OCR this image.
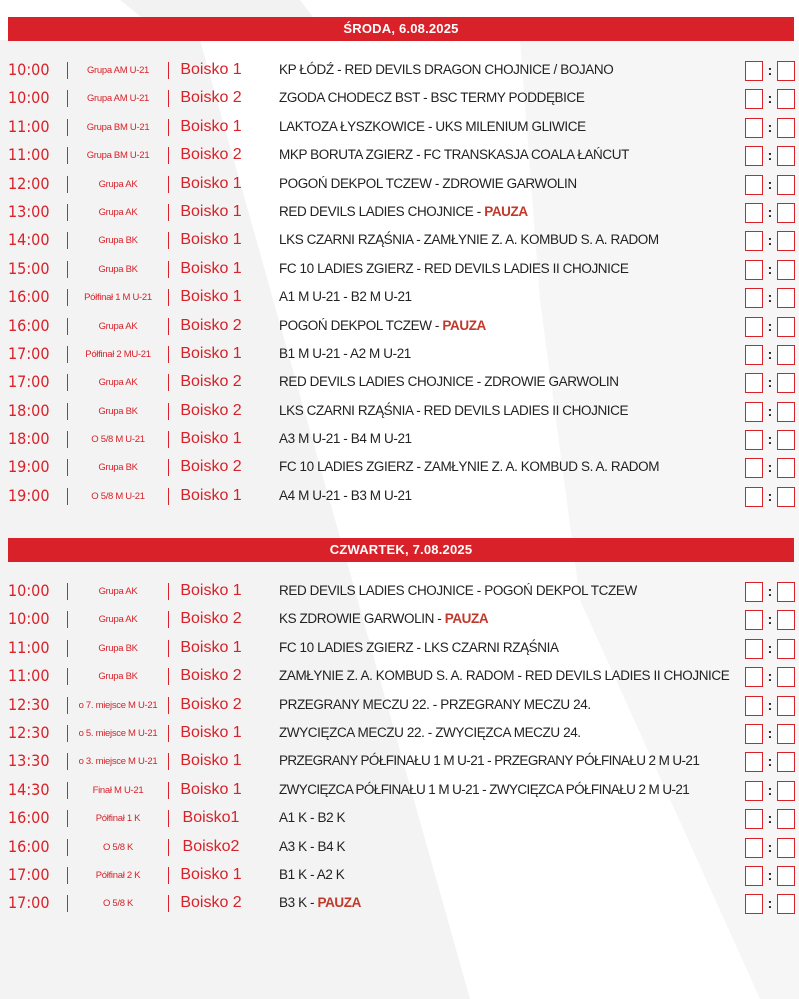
ŚRODA, 6.08.2025
10:00	Grupa AM U-21	Boisko 1	KP ŁÓDŹ - RED DEVILS DRAGON CHOJNICE / BOJANO	:
10:00	Grupa AM U-21	Boisko 2	ZGODA CHODECZ BST - BSC TERMY PODDĘBICE	:
11:00	Grupa BM U-21	Boisko 1	LAKTOZA ŁYSZKOWICE - UKS MILENIUM GLIWICE	:
11:00	Grupa BM U-21	Boisko 2	MKP BORUTA ZGIERZ - FC TRANSKASJA COALA ŁAŃCUT	:
12:00	Grupa AK	Boisko 1	POGOŃ DEKPOL TCZEW - ZDROWIE GARWOLIN	:
13:00	Grupa AK	Boisko 1	RED DEVILS LADIES CHOJNICE - PAUZA	:
14:00	Grupa BK	Boisko 1	LKS CZARNI RZĄŚNIA - ZAMŁYNIE Z. A. KOMBUD S. A. RADOM	:
15:00	Grupa BK	Boisko 1	FC 10 LADIES ZGIERZ - RED DEVILS LADIES II CHOJNICE	:
16:00	Półfinał 1 M U-21	Boisko 1	A1 M U-21 - B2 M U-21	:
16:00	Grupa AK	Boisko 2	POGOŃ DEKPOL TCZEW - PAUZA	:
17:00	Półfinał 2 MU-21	Boisko 1	B1 M U-21 - A2 M U-21	:
17:00	Grupa AK	Boisko 2	RED DEVILS LADIES CHOJNICE - ZDROWIE GARWOLIN	:
18:00	Grupa BK	Boisko 2	LKS CZARNI RZĄŚNIA - RED DEVILS LADIES II CHOJNICE	:
18:00	O 5/8 M U-21	Boisko 1	A3 M U-21 - B4 M U-21	:
19:00	Grupa BK	Boisko 2	FC 10 LADIES ZGIERZ - ZAMŁYNIE Z. A. KOMBUD S. A. RADOM	:
19:00	O 5/8 M U-21	Boisko 1	A4 M U-21 - B3 M U-21	:
CZWARTEK, 7.08.2025
10:00	Grupa AK	Boisko 1	RED DEVILS LADIES CHOJNICE - POGOŃ DEKPOL TCZEW	:
10:00	Grupa AK	Boisko 2	KS ZDROWIE GARWOLIN - PAUZA	:
11:00	Grupa BK	Boisko 1	FC 10 LADIES ZGIERZ - LKS CZARNI RZĄŚNIA	:
11:00	Grupa BK	Boisko 2	ZAMŁYNIE Z. A. KOMBUD S. A. RADOM - RED DEVILS LADIES II CHOJNICE	:
12:30	o 7. miejsce M U-21	Boisko 2	PRZEGRANY MECZU 22. - PRZEGRANY MECZU 24.	:
12:30	o 5. miejsce M U-21	Boisko 1	ZWYCIĘZCA MECZU 22. - ZWYCIĘZCA MECZU 24.	:
13:30	o 3. miejsce M U-21	Boisko 1	PRZEGRANY PÓŁFINAŁU 1 M U-21 - PRZEGRANY PÓŁFINAŁU 2 M U-21	:
14:30	Finał M U-21	Boisko 1	ZWYCIĘZCA PÓŁFINAŁU 1 M U-21 - ZWYCIĘZCA PÓŁFINAŁU 2 M U-21	:
16:00	Półfinał 1 K	Boisko1	A1 K - B2 K	:
16:00	O 5/8 K	Boisko2	A3 K - B4 K	:
17:00	Półfinał 2 K	Boisko 1	B1 K - A2 K	:
17:00	O 5/8 K	Boisko 2	B3 K - PAUZA	:
